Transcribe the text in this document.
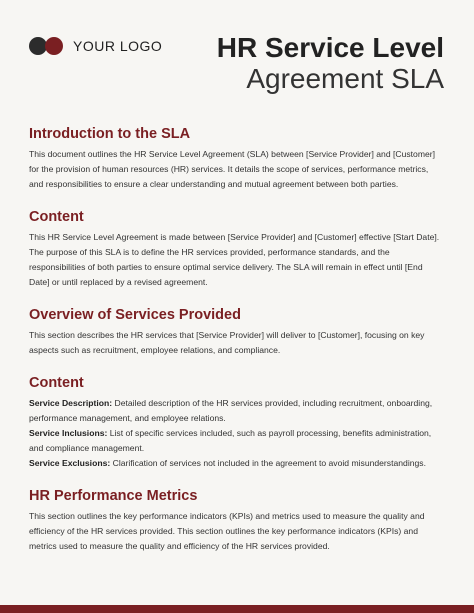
YOUR LOGO HR Service Level
Agreement SLA
Introduction to the SLA

This document outlines the HR Service Level Agreement (SLA) between [Service Provider] and [Customer] for the provision of human resources (HR) services. It details the scope of services, performance metrics, and responsibilities to ensure a clear understanding and mutual agreement between both parties.

Content

This HR Service Level Agreement is made between [Service Provider] and [Customer] effective [Start Date]. The purpose of this SLA is to define the HR services provided, performance standards, and the responsibilities of both parties to ensure optimal service delivery. The SLA will remain in effect until [End Date] or until replaced by a revised agreement.

Overview of Services Provided

This section describes the HR services that [Service Provider] will deliver to [Customer], focusing on key aspects such as recruitment, employee relations, and compliance.

Content
Service Description: Detailed description of the HR services provided, including recruitment, onboarding, performance management, and employee relations.
Service Inclusions: List of specific services included, such as payroll processing, benefits administration, and compliance management.
Service Exclusions: Clarification of services not included in the agreement to avoid misunderstandings.
HR Performance Metrics

This section outlines the key performance indicators (KPIs) and metrics used to measure the quality and efficiency of the HR services provided. This section outlines the key performance indicators (KPIs) and metrics used to measure the quality and efficiency of the HR services provided.
